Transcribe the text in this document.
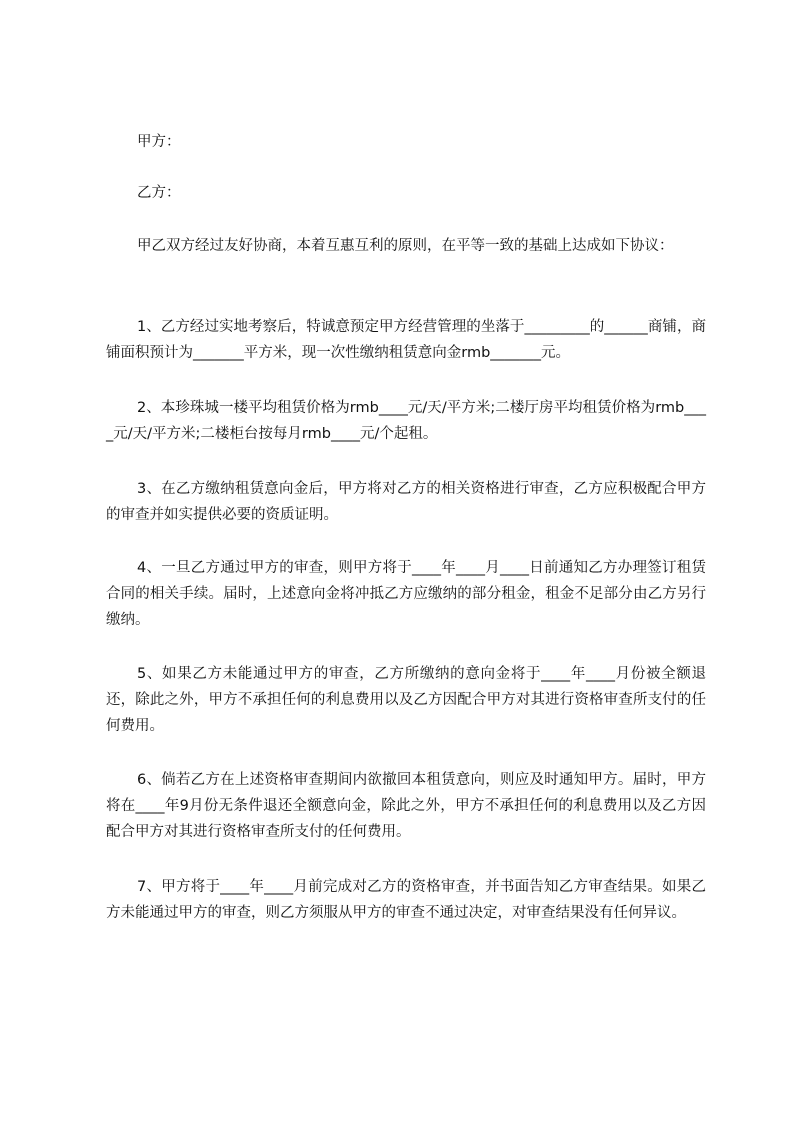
甲方：

乙方：

甲乙双方经过友好协商，本着互惠互利的原则，在平等一致的基础上达成如下协议：

1、乙方经过实地考察后，特诚意预定甲方经营管理的坐落于_________的______商铺，商铺面积预计为_______平方米，现一次性缴纳租赁意向金rmb_______元。

2、本珍珠城一楼平均租赁价格为rmb____元/天/平方米;二楼厅房平均租赁价格为rmb____元/天/平方米;二楼柜台按每月rmb____元/个起租。

3、在乙方缴纳租赁意向金后，甲方将对乙方的相关资格进行审查，乙方应积极配合甲方的审查并如实提供必要的资质证明。

4、一旦乙方通过甲方的审查，则甲方将于____年____月____日前通知乙方办理签订租赁合同的相关手续。届时，上述意向金将冲抵乙方应缴纳的部分租金，租金不足部分由乙方另行缴纳。

5、如果乙方未能通过甲方的审查，乙方所缴纳的意向金将于____年____月份被全额退还，除此之外，甲方不承担任何的利息费用以及乙方因配合甲方对其进行资格审查所支付的任何费用。

6、倘若乙方在上述资格审查期间内欲撤回本租赁意向，则应及时通知甲方。届时，甲方将在____年9月份无条件退还全额意向金，除此之外，甲方不承担任何的利息费用以及乙方因配合甲方对其进行资格审查所支付的任何费用。

7、甲方将于____年____月前完成对乙方的资格审查，并书面告知乙方审查结果。如果乙方未能通过甲方的审查，则乙方须服从甲方的审查不通过决定，对审查结果没有任何异议。
